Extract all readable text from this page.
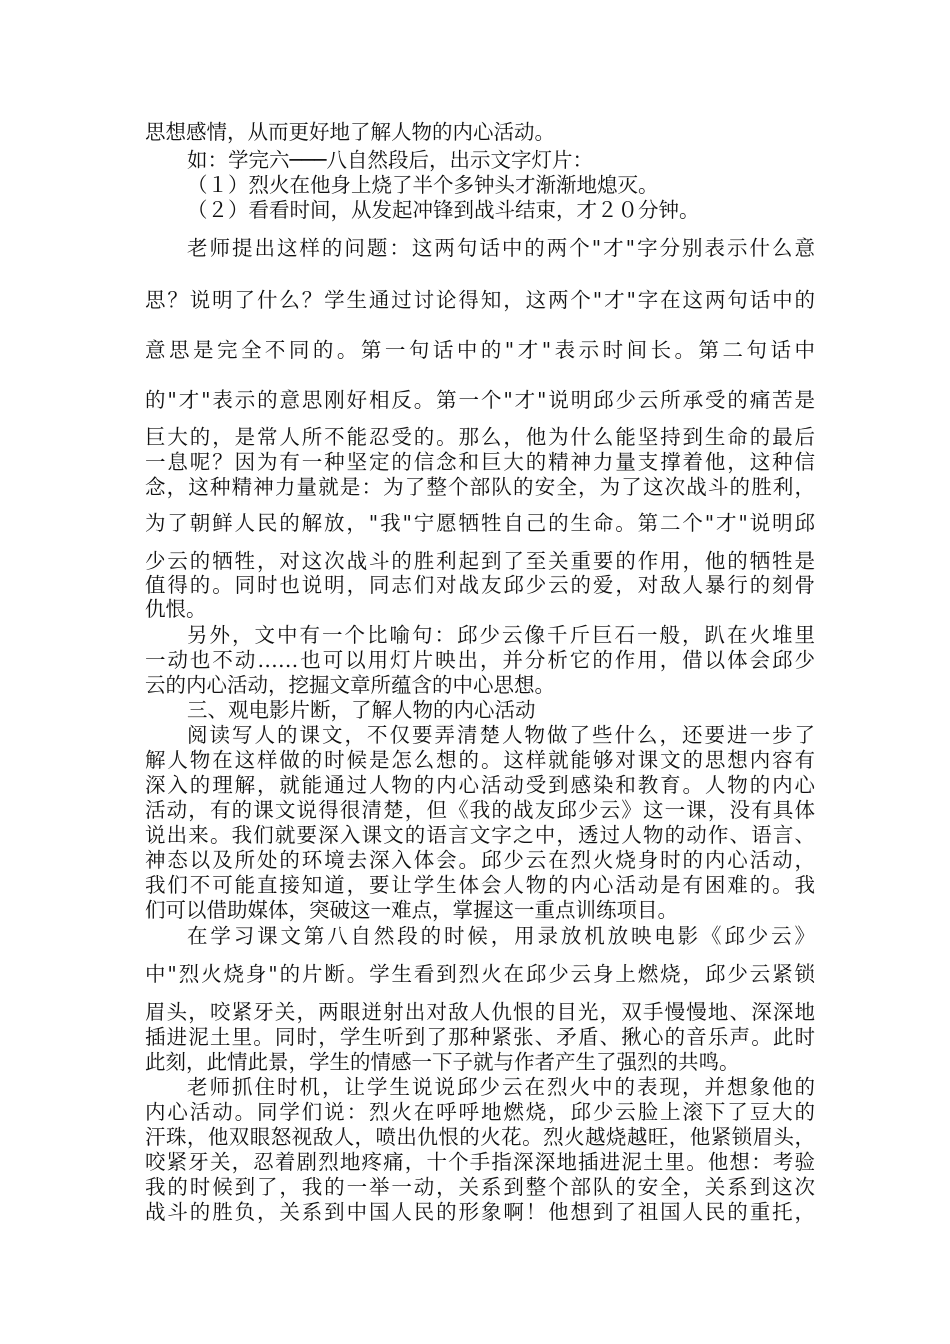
思想感情，从而更好地了解人物的内心活动。
如：学完六───八自然段后，出示文字灯片：
（１）烈火在他身上烧了半个多钟头才渐渐地熄灭。
（２）看看时间，从发起冲锋到战斗结束，才２０分钟。
老师提出这样的问题：这两句话中的两个"才"字分别表示什么意
思？说明了什么？学生通过讨论得知，这两个"才"字在这两句话中的
意思是完全不同的。第一句话中的"才"表示时间长。第二句话中
的"才"表示的意思刚好相反。第一个"才"说明邱少云所承受的痛苦是
巨大的，是常人所不能忍受的。那么，他为什么能坚持到生命的最后
一息呢？因为有一种坚定的信念和巨大的精神力量支撑着他，这种信
念，这种精神力量就是：为了整个部队的安全，为了这次战斗的胜利，
为了朝鲜人民的解放，"我"宁愿牺牲自己的生命。第二个"才"说明邱
少云的牺牲，对这次战斗的胜利起到了至关重要的作用，他的牺牲是
值得的。同时也说明，同志们对战友邱少云的爱，对敌人暴行的刻骨
仇恨。
另外，文中有一个比喻句：邱少云像千斤巨石一般，趴在火堆里
一动也不动……也可以用灯片映出，并分析它的作用，借以体会邱少
云的内心活动，挖掘文章所蕴含的中心思想。
三、观电影片断，了解人物的内心活动
阅读写人的课文，不仅要弄清楚人物做了些什么，还要进一步了
解人物在这样做的时候是怎么想的。这样就能够对课文的思想内容有
深入的理解，就能通过人物的内心活动受到感染和教育。人物的内心
活动，有的课文说得很清楚，但《我的战友邱少云》这一课，没有具体
说出来。我们就要深入课文的语言文字之中，透过人物的动作、语言、
神态以及所处的环境去深入体会。邱少云在烈火烧身时的内心活动，
我们不可能直接知道，要让学生体会人物的内心活动是有困难的。我
们可以借助媒体，突破这一难点，掌握这一重点训练项目。
在学习课文第八自然段的时候，用录放机放映电影《邱少云》
中"烈火烧身"的片断。学生看到烈火在邱少云身上燃烧，邱少云紧锁
眉头，咬紧牙关，两眼迸射出对敌人仇恨的目光，双手慢慢地、深深地
插进泥土里。同时，学生听到了那种紧张、矛盾、揪心的音乐声。此时
此刻，此情此景，学生的情感一下子就与作者产生了强烈的共鸣。
老师抓住时机，让学生说说邱少云在烈火中的表现，并想象他的
内心活动。同学们说：烈火在呼呼地燃烧，邱少云脸上滚下了豆大的
汗珠，他双眼怒视敌人，喷出仇恨的火花。烈火越烧越旺，他紧锁眉头，
咬紧牙关，忍着剧烈地疼痛，十个手指深深地插进泥土里。他想：考验
我的时候到了，我的一举一动，关系到整个部队的安全，关系到这次
战斗的胜负，关系到中国人民的形象啊！他想到了祖国人民的重托，
